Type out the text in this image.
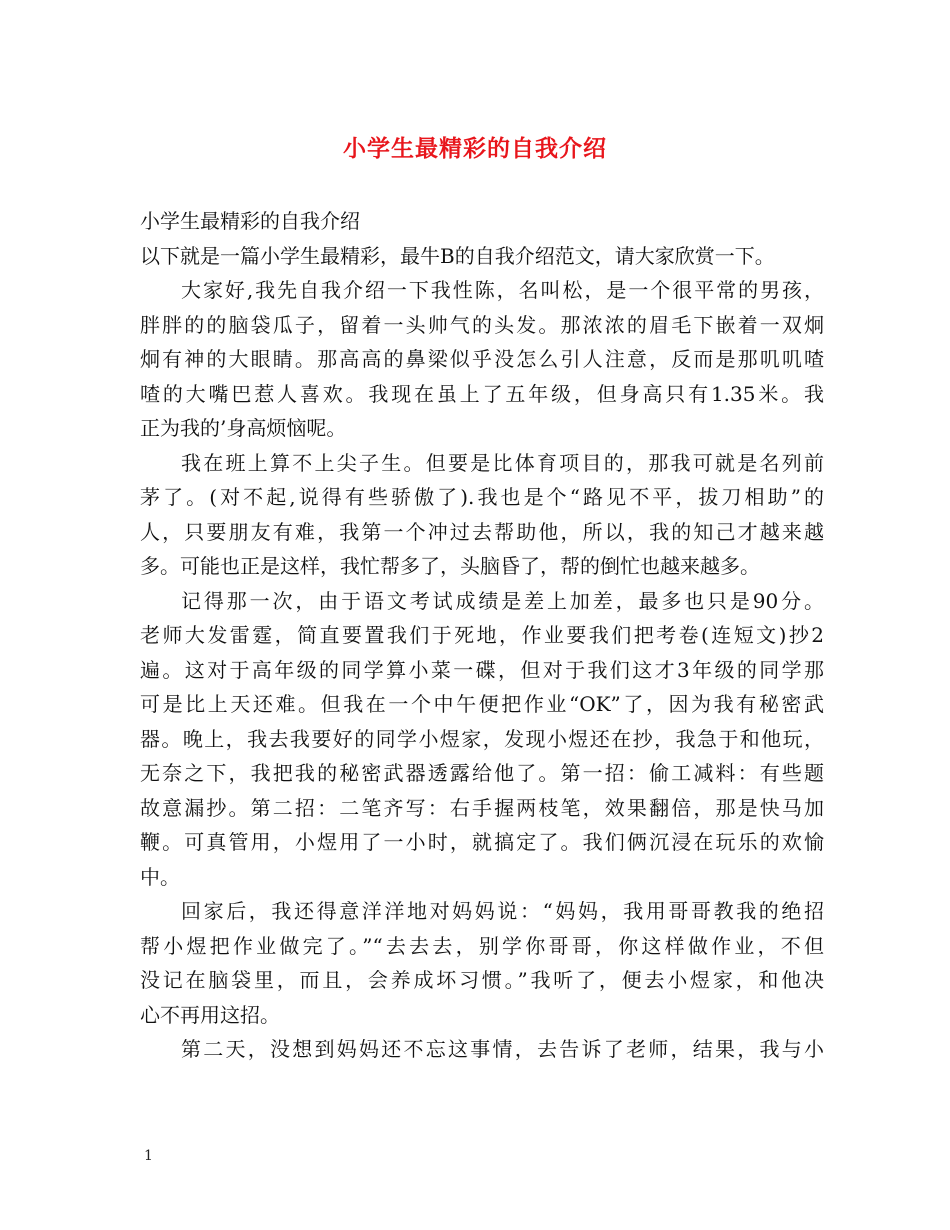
小学生最精彩的自我介绍
小学生最精彩的自我介绍
以下就是一篇小学生最精彩，最牛B的自我介绍范文，请大家欣赏一下。
大家好,我先自我介绍一下我性陈，名叫松，是一个很平常的男孩，
胖胖的的脑袋瓜子，留着一头帅气的头发。那浓浓的眉毛下嵌着一双炯
炯有神的大眼睛。那高高的鼻梁似乎没怎么引人注意，反而是那叽叽喳
喳的大嘴巴惹人喜欢。我现在虽上了五年级，但身高只有1.35米。我
正为我的’身高烦恼呢。
我在班上算不上尖子生。但要是比体育项目的，那我可就是名列前
茅了。(对不起,说得有些骄傲了).我也是个“路见不平，拔刀相助”的
人，只要朋友有难，我第一个冲过去帮助他，所以，我的知己才越来越
多。可能也正是这样，我忙帮多了，头脑昏了，帮的倒忙也越来越多。
记得那一次，由于语文考试成绩是差上加差，最多也只是90分。
老师大发雷霆，简直要置我们于死地，作业要我们把考卷(连短文)抄2
遍。这对于高年级的同学算小菜一碟，但对于我们这才3年级的同学那
可是比上天还难。但我在一个中午便把作业“OK”了，因为我有秘密武
器。晚上，我去我要好的同学小煜家，发现小煜还在抄，我急于和他玩，
无奈之下，我把我的秘密武器透露给他了。第一招：偷工减料：有些题
故意漏抄。第二招：二笔齐写：右手握两枝笔，效果翻倍，那是快马加
鞭。可真管用，小煜用了一小时，就搞定了。我们俩沉浸在玩乐的欢愉
中。
回家后，我还得意洋洋地对妈妈说：“妈妈，我用哥哥教我的绝招
帮小煜把作业做完了。”“去去去，别学你哥哥，你这样做作业，不但
没记在脑袋里，而且，会养成坏习惯。”我听了，便去小煜家，和他决
心不再用这招。
第二天，没想到妈妈还不忘这事情，去告诉了老师，结果，我与小
1
